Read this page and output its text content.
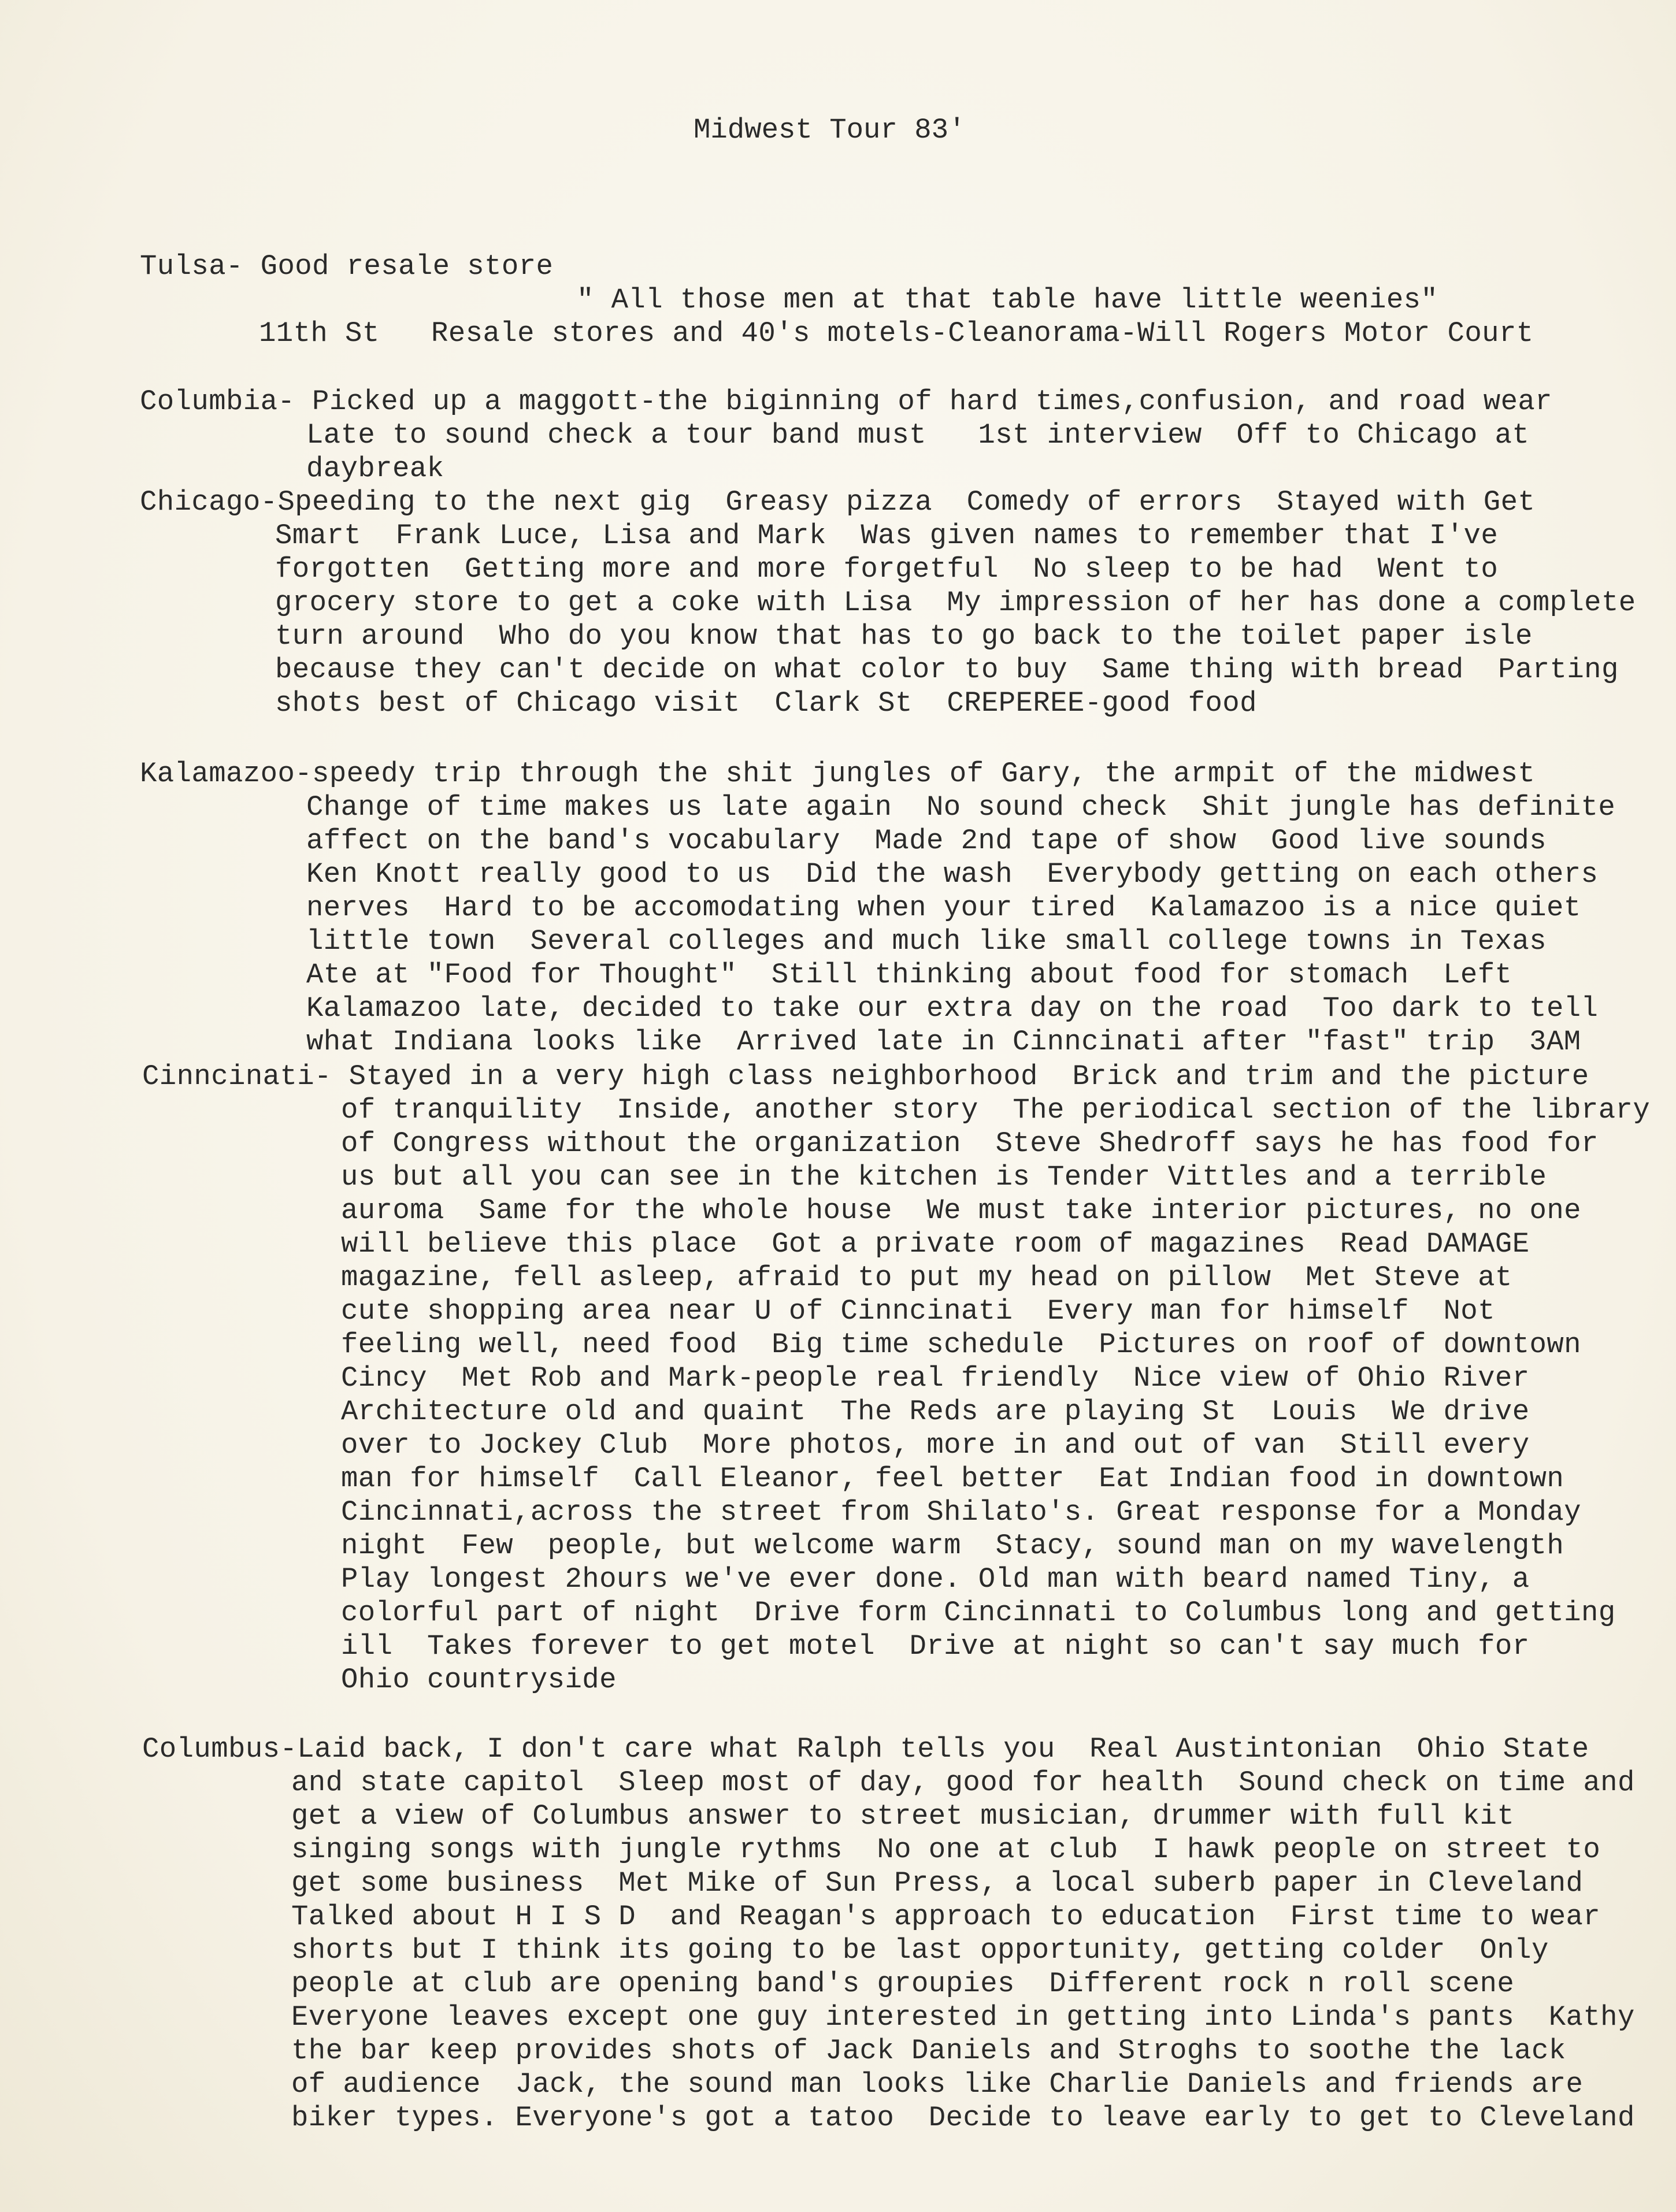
Midwest Tour 83'
Tulsa- Good resale store
" All those men at that table have little weenies"
11th St   Resale stores and 40's motels-Cleanorama-Will Rogers Motor Court
Columbia- Picked up a maggott-the biginning of hard times,confusion, and road wear
Late to sound check a tour band must   1st interview  Off to Chicago at
daybreak
Chicago-Speeding to the next gig  Greasy pizza  Comedy of errors  Stayed with Get
Smart  Frank Luce, Lisa and Mark  Was given names to remember that I've
forgotten  Getting more and more forgetful  No sleep to be had  Went to
grocery store to get a coke with Lisa  My impression of her has done a complete
turn around  Who do you know that has to go back to the toilet paper isle
because they can't decide on what color to buy  Same thing with bread  Parting
shots best of Chicago visit  Clark St  CREPEREE-good food
Kalamazoo-speedy trip through the shit jungles of Gary, the armpit of the midwest
Change of time makes us late again  No sound check  Shit jungle has definite
affect on the band's vocabulary  Made 2nd tape of show  Good live sounds
Ken Knott really good to us  Did the wash  Everybody getting on each others
nerves  Hard to be accomodating when your tired  Kalamazoo is a nice quiet
little town  Several colleges and much like small college towns in Texas
Ate at "Food for Thought"  Still thinking about food for stomach  Left
Kalamazoo late, decided to take our extra day on the road  Too dark to tell
what Indiana looks like  Arrived late in Cinncinati after "fast" trip  3AM
Cinncinati- Stayed in a very high class neighborhood  Brick and trim and the picture
of tranquility  Inside, another story  The periodical section of the library
of Congress without the organization  Steve Shedroff says he has food for
us but all you can see in the kitchen is Tender Vittles and a terrible
auroma  Same for the whole house  We must take interior pictures, no one
will believe this place  Got a private room of magazines  Read DAMAGE
magazine, fell asleep, afraid to put my head on pillow  Met Steve at
cute shopping area near U of Cinncinati  Every man for himself  Not
feeling well, need food  Big time schedule  Pictures on roof of downtown
Cincy  Met Rob and Mark-people real friendly  Nice view of Ohio River
Architecture old and quaint  The Reds are playing St  Louis  We drive
over to Jockey Club  More photos, more in and out of van  Still every
man for himself  Call Eleanor, feel better  Eat Indian food in downtown
Cincinnati,across the street from Shilato's. Great response for a Monday
night  Few  people, but welcome warm  Stacy, sound man on my wavelength
Play longest 2hours we've ever done. Old man with beard named Tiny, a
colorful part of night  Drive form Cincinnati to Columbus long and getting
ill  Takes forever to get motel  Drive at night so can't say much for
Ohio countryside
Columbus-Laid back, I don't care what Ralph tells you  Real Austintonian  Ohio State
and state capitol  Sleep most of day, good for health  Sound check on time and
get a view of Columbus answer to street musician, drummer with full kit
singing songs with jungle rythms  No one at club  I hawk people on street to
get some business  Met Mike of Sun Press, a local suberb paper in Cleveland
Talked about H I S D  and Reagan's approach to education  First time to wear
shorts but I think its going to be last opportunity, getting colder  Only
people at club are opening band's groupies  Different rock n roll scene
Everyone leaves except one guy interested in getting into Linda's pants  Kathy
the bar keep provides shots of Jack Daniels and Stroghs to soothe the lack
of audience  Jack, the sound man looks like Charlie Daniels and friends are
biker types. Everyone's got a tatoo  Decide to leave early to get to Cleveland
